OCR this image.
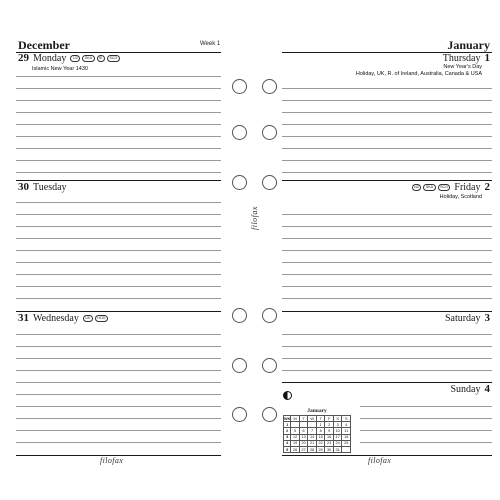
December	Week 1
29 Monday	1/2	SKA	IE	SCO
Islamic New Year 1430
30 Tuesday
31 Wednesday	UK	HOG
filofax
filofax
January
Thursday 1
New Year's Day
Holiday, UK, R. of Ireland, Australia, Canada & USA
NZ	SKA	SCO Friday 2
Holiday, Scotland
Saturday 3
Sunday 4
filofax
January
WK	M	T	W	T	F	S	S
1				1	2	3	4
2	5	6	7	8	9	10	11
3	12	13	14	15	16	17	18
4	19	20	21	22	23	24	25
5	26	27	28	29	30	31	
